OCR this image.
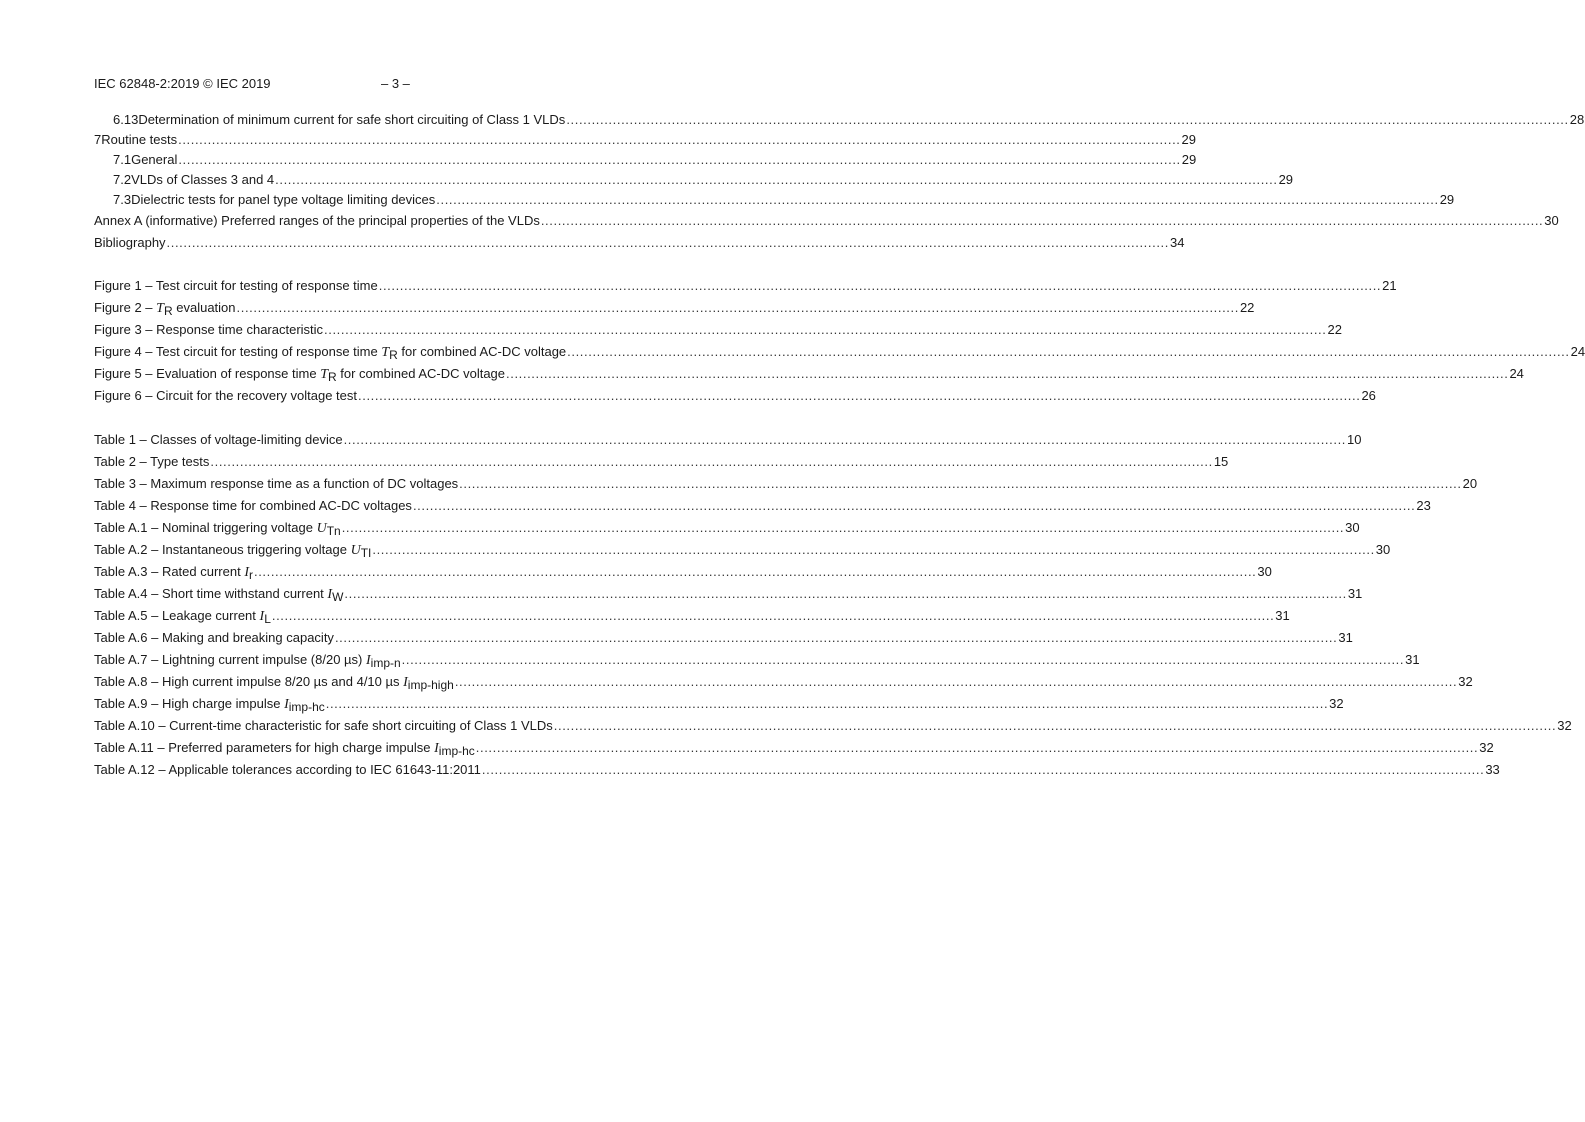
IEC 62848-2:2019 © IEC 2019	– 3 –
6.13 Determination of minimum current for safe short circuiting of Class 1 VLDs .....	28
7 Routine tests .....	29
7.1 General .....	29
7.2 VLDs of Classes 3 and 4 .....	29
7.3 Dielectric tests for panel type voltage limiting devices .....	29
Annex A (informative) Preferred ranges of the principal properties of the VLDs .....	30
Bibliography .....	34
Figure 1 – Test circuit for testing of response time .....	21
Figure 2 – TR evaluation .....	22
Figure 3 – Response time characteristic .....	22
Figure 4 – Test circuit for testing of response time TR for combined AC-DC voltage .....	24
Figure 5 – Evaluation of response time TR for combined AC-DC voltage .....	24
Figure 6 – Circuit for the recovery voltage test .....	26
Table 1 – Classes of voltage-limiting device .....	10
Table 2 – Type tests .....	15
Table 3 – Maximum response time as a function of DC voltages .....	20
Table 4 – Response time for combined AC-DC voltages .....	23
Table A.1 – Nominal triggering voltage UTn .....	30
Table A.2 – Instantaneous triggering voltage UTI .....	30
Table A.3 – Rated current Ir .....	30
Table A.4 – Short time withstand current IW .....	31
Table A.5 – Leakage current IL .....	31
Table A.6 – Making and breaking capacity .....	31
Table A.7 – Lightning current impulse (8/20 µs) Iimp-n .....	31
Table A.8 – High current impulse 8/20 µs and 4/10 µs Iimp-high .....	32
Table A.9 – High charge impulse Iimp-hc .....	32
Table A.10 – Current-time characteristic for safe short circuiting of Class 1 VLDs .....	32
Table A.11 – Preferred parameters for high charge impulse Iimp-hc .....	32
Table A.12 – Applicable tolerances according to IEC 61643-11:2011 .....	33
